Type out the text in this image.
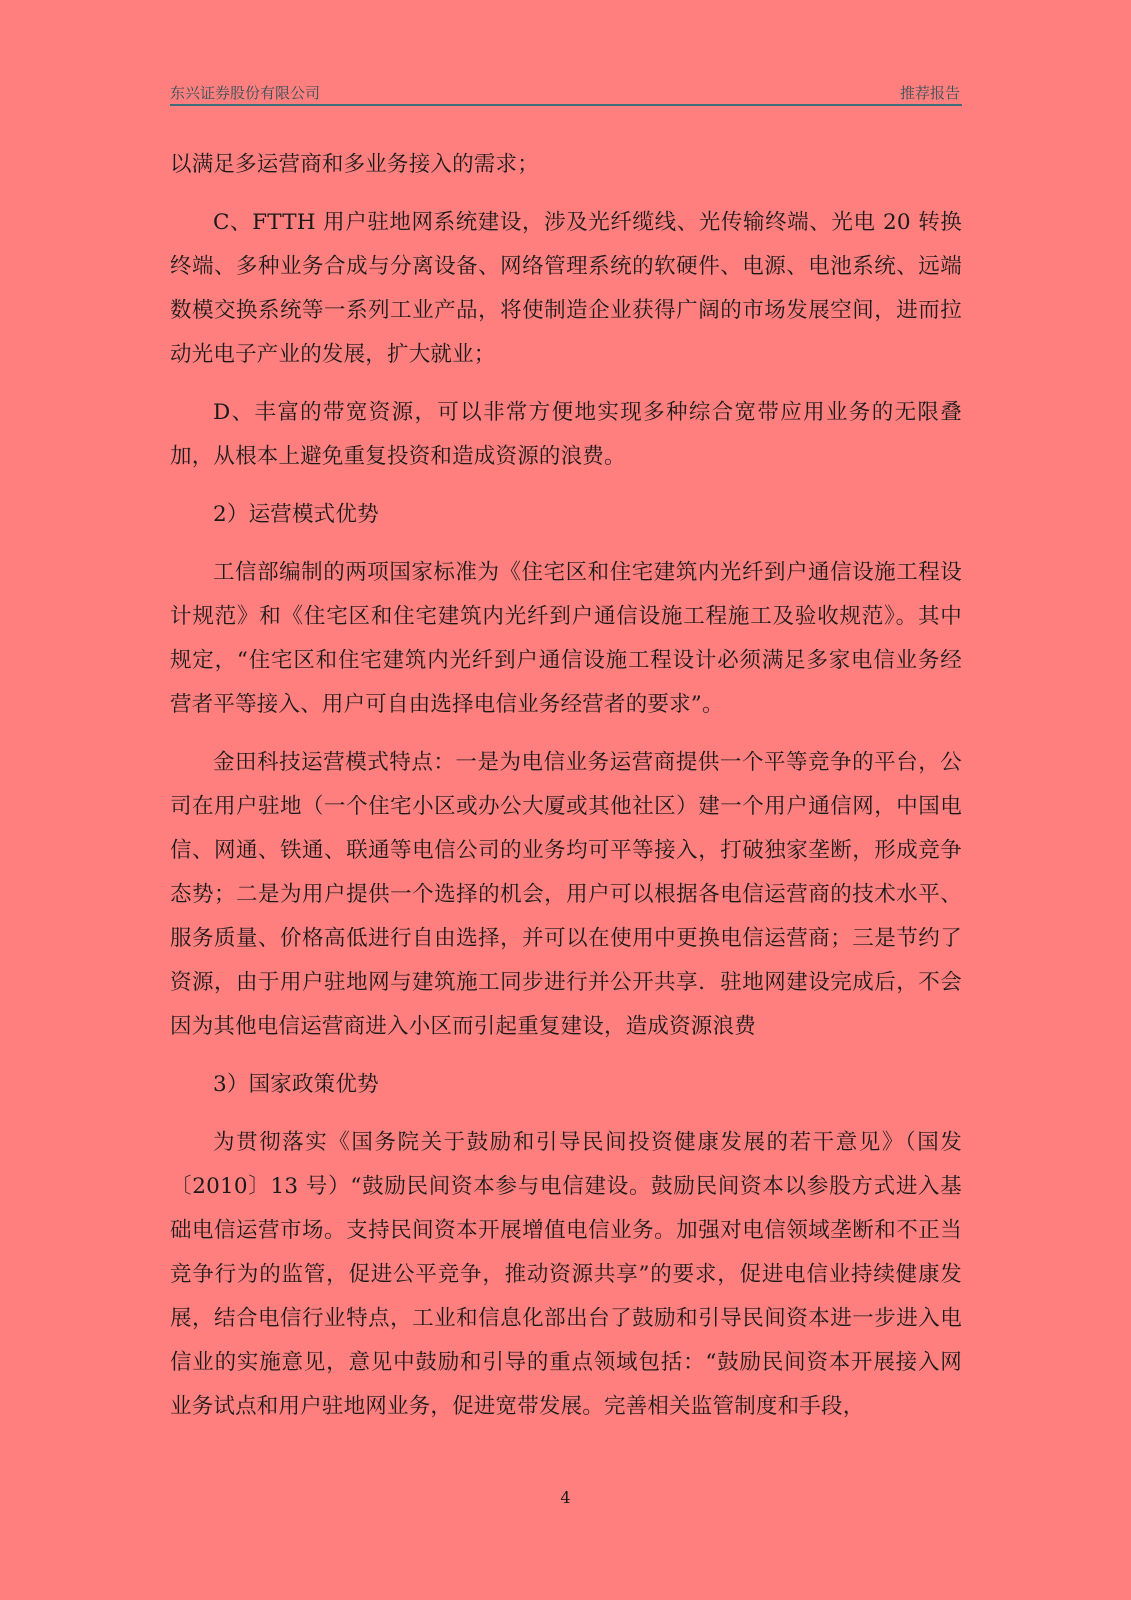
东兴证券股份有限公司	推荐报告

以满足多运营商和多业务接入的需求；

C、FTTH 用户驻地网系统建设，涉及光纤缆线、光传输终端、光电 20 转换终端、多种业务合成与分离设备、网络管理系统的软硬件、电源、电池系统、远端数模交换系统等一系列工业产品，将使制造企业获得广阔的市场发展空间，进而拉动光电子产业的发展，扩大就业；

D、丰富的带宽资源，可以非常方便地实现多种综合宽带应用业务的无限叠加，从根本上避免重复投资和造成资源的浪费。

2）运营模式优势

工信部编制的两项国家标准为《住宅区和住宅建筑内光纤到户通信设施工程设计规范》和《住宅区和住宅建筑内光纤到户通信设施工程施工及验收规范》。其中规定，“住宅区和住宅建筑内光纤到户通信设施工程设计必须满足多家电信业务经营者平等接入、用户可自由选择电信业务经营者的要求”。

金田科技运营模式特点：一是为电信业务运营商提供一个平等竞争的平台，公司在用户驻地（一个住宅小区或办公大厦或其他社区）建一个用户通信网，中国电信、网通、铁通、联通等电信公司的业务均可平等接入，打破独家垄断，形成竞争态势；二是为用户提供一个选择的机会，用户可以根据各电信运营商的技术水平、服务质量、价格高低进行自由选择，并可以在使用中更换电信运营商；三是节约了资源，由于用户驻地网与建筑施工同步进行并公开共享．驻地网建设完成后，不会因为其他电信运营商进入小区而引起重复建设，造成资源浪费

3）国家政策优势

为贯彻落实《国务院关于鼓励和引导民间投资健康发展的若干意见》（国发〔2010〕13 号）“鼓励民间资本参与电信建设。鼓励民间资本以参股方式进入基础电信运营市场。支持民间资本开展增值电信业务。加强对电信领域垄断和不正当竞争行为的监管，促进公平竞争，推动资源共享”的要求，促进电信业持续健康发展，结合电信行业特点，工业和信息化部出台了鼓励和引导民间资本进一步进入电信业的实施意见，意见中鼓励和引导的重点领域包括：“鼓励民间资本开展接入网业务试点和用户驻地网业务，促进宽带发展。完善相关监管制度和手段，

4
